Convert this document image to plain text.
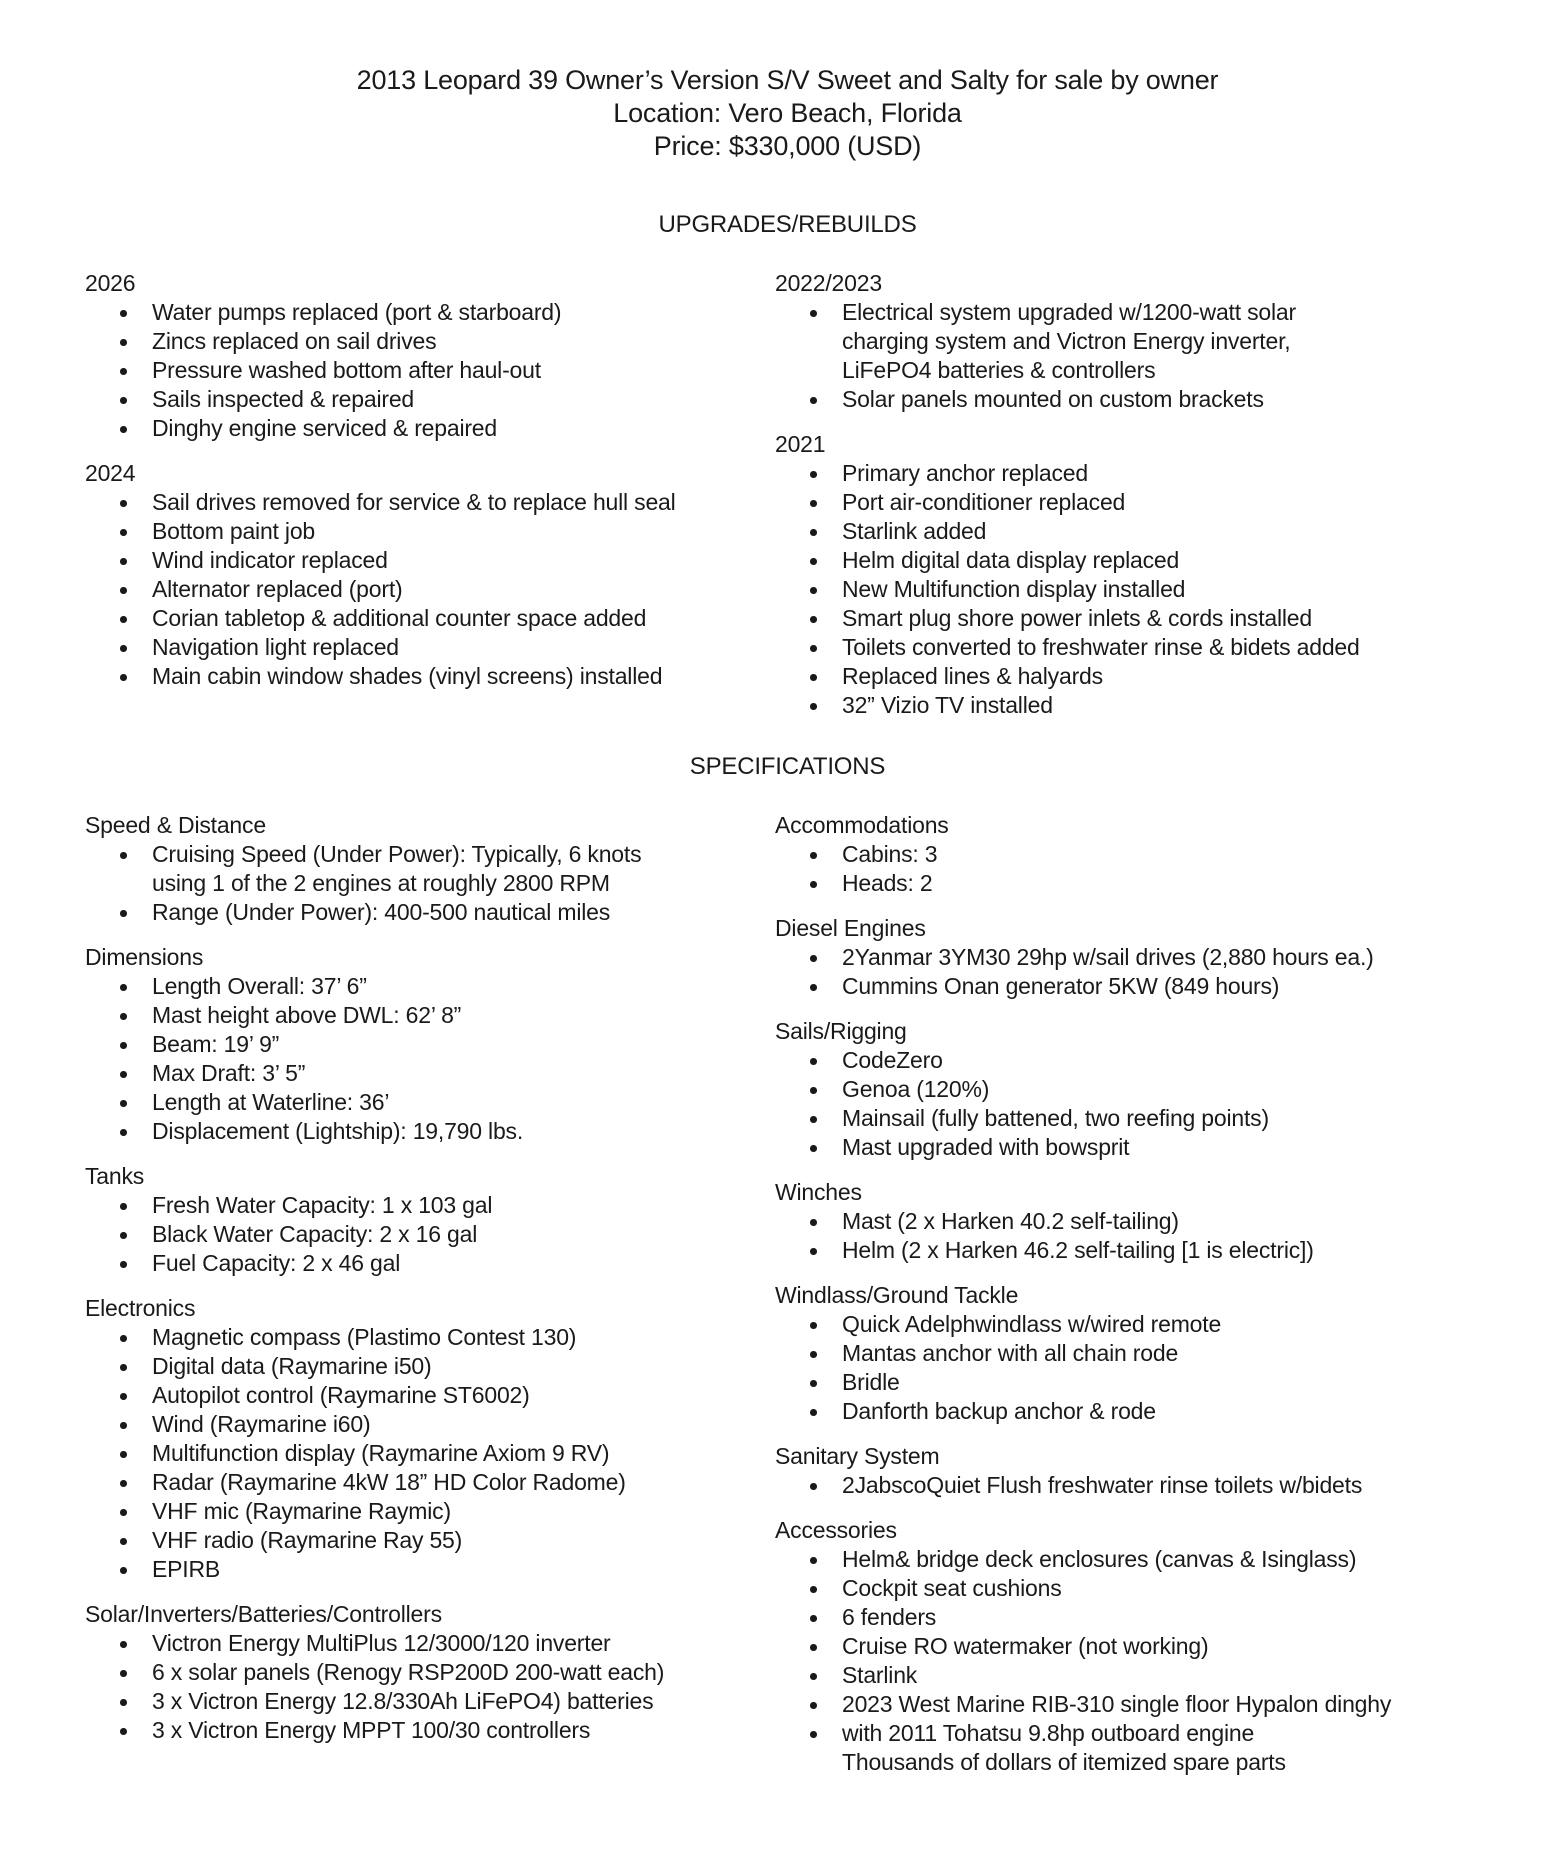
2013 Leopard 39 Owner’s Version S/V Sweet and Salty for sale by owner
Location: Vero Beach, Florida
Price: $330,000 (USD)
UPGRADES/REBUILDS
2026
Water pumps replaced (port & starboard)
Zincs replaced on sail drives
Pressure washed bottom after haul-out
Sails inspected & repaired
Dinghy engine serviced & repaired
2024
Sail drives removed for service & to replace hull seal
Bottom paint job
Wind indicator replaced
Alternator replaced (port)
Corian tabletop & additional counter space added
Navigation light replaced
Main cabin window shades (vinyl screens) installed
2022/2023
Electrical system upgraded w/1200-watt solar
charging system and Victron Energy inverter,
LiFePO4 batteries & controllers
Solar panels mounted on custom brackets
2021
Primary anchor replaced
Port air-conditioner replaced
Starlink added
Helm digital data display replaced
New Multifunction display installed
Smart plug shore power inlets & cords installed
Toilets converted to freshwater rinse & bidets added
Replaced lines & halyards
32” Vizio TV installed
SPECIFICATIONS
Speed & Distance
Cruising Speed (Under Power): Typically, 6 knots
using 1 of the 2 engines at roughly 2800 RPM
Range (Under Power): 400-500 nautical miles
Dimensions
Length Overall: 37’ 6”
Mast height above DWL: 62’ 8”
Beam: 19’ 9”
Max Draft: 3’ 5”
Length at Waterline: 36’
Displacement (Lightship): 19,790 lbs.
Tanks
Fresh Water Capacity: 1 x 103 gal
Black Water Capacity: 2 x 16 gal
Fuel Capacity: 2 x 46 gal
Electronics
Magnetic compass (Plastimo Contest 130)
Digital data (Raymarine i50)
Autopilot control (Raymarine ST6002)
Wind (Raymarine i60)
Multifunction display (Raymarine Axiom 9 RV)
Radar (Raymarine 4kW 18” HD Color Radome)
VHF mic (Raymarine Raymic)
VHF radio (Raymarine Ray 55)
EPIRB
Solar/Inverters/Batteries/Controllers
Victron Energy MultiPlus 12/3000/120 inverter
6 x solar panels (Renogy RSP200D 200-watt each)
3 x Victron Energy 12.8/330Ah LiFePO4) batteries
3 x Victron Energy MPPT 100/30 controllers
Accommodations
Cabins: 3
Heads: 2
Diesel Engines
2Yanmar 3YM30 29hp w/sail drives (2,880 hours ea.)
Cummins Onan generator 5KW (849 hours)
Sails/Rigging
CodeZero
Genoa (120%)
Mainsail (fully battened, two reefing points)
Mast upgraded with bowsprit
Winches
Mast (2 x Harken 40.2 self-tailing)
Helm (2 x Harken 46.2 self-tailing [1 is electric])
Windlass/Ground Tackle
Quick Adelphwindlass w/wired remote
Mantas anchor with all chain rode
Bridle
Danforth backup anchor & rode
Sanitary System
2JabscoQuiet Flush freshwater rinse toilets w/bidets
Accessories
Helm& bridge deck enclosures (canvas & Isinglass)
Cockpit seat cushions
6 fenders
Cruise RO watermaker (not working)
Starlink
2023 West Marine RIB-310 single floor Hypalon dinghy
with 2011 Tohatsu 9.8hp outboard engine
Thousands of dollars of itemized spare parts
